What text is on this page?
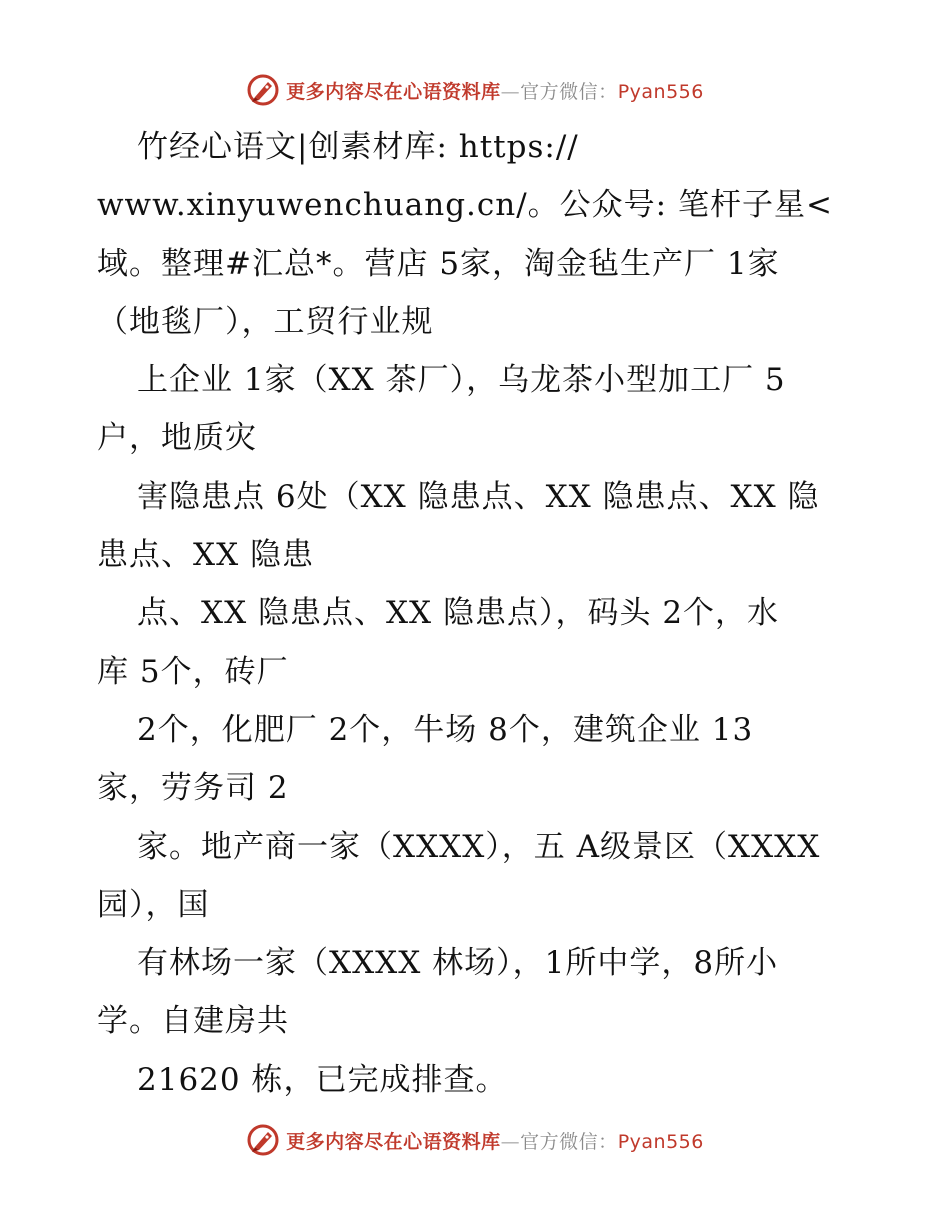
更多内容尽在心语资料库—官方微信：Pyan556
竹经心语文|创素材库: https://
www.xinyuwenchuang.cn/。公众号: 笔杆子星<
域。整理#汇总*。营店 5家，淘金毡生产厂 1家
（地毯厂），工贸行业规
上企业 1家（XX 茶厂），乌龙茶小型加工厂 5
户，地质灾
害隐患点 6处（XX 隐患点、XX 隐患点、XX 隐
患点、XX 隐患
点、XX 隐患点、XX 隐患点），码头 2个，水
库 5个，砖厂
2个，化肥厂 2个，牛场 8个，建筑企业 13
家，劳务司 2
家。地产商一家（XXXX），五 A级景区（XXXX
园），国
有林场一家（XXXX 林场），1所中学，8所小
学。自建房共
21620 栋，已完成排查。
更多内容尽在心语资料库—官方微信：Pyan556
